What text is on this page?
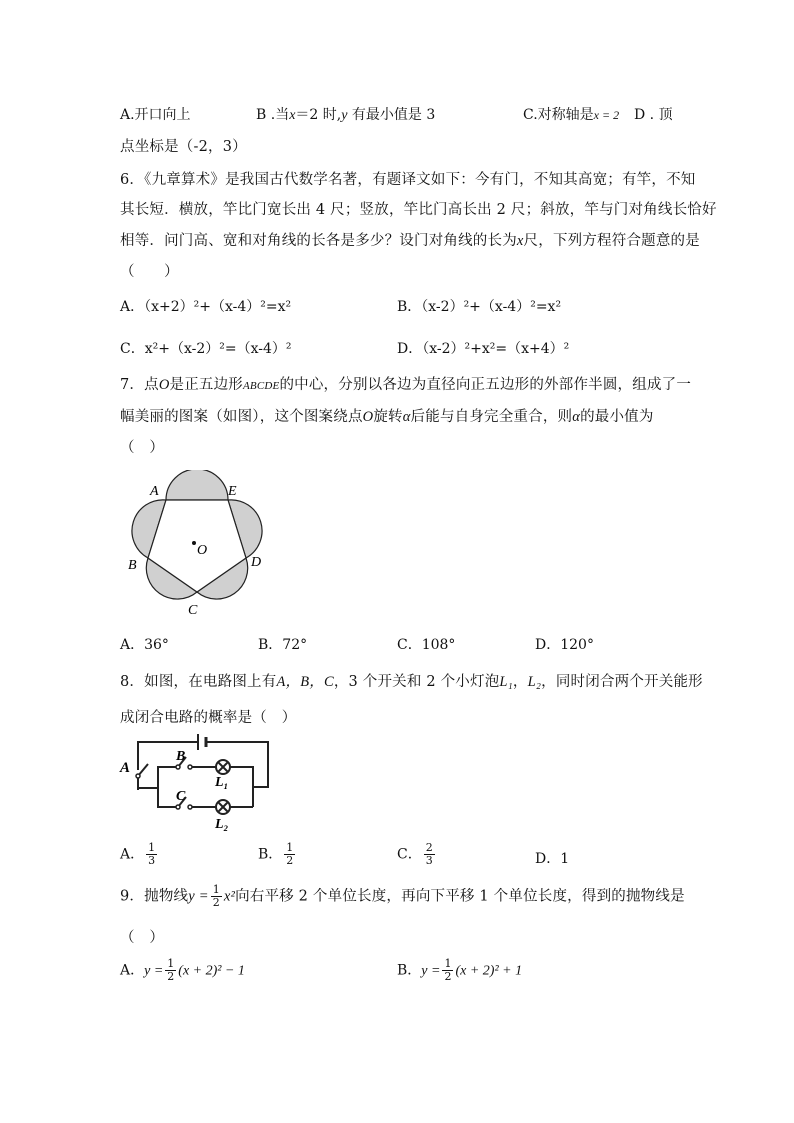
A.开口向上	B .当x＝2 时,y 有最小值是 3	C.对称轴是x = 2 D . 顶
点坐标是（-2，3）
6．《九章算术》是我国古代数学名著，有题译文如下：今有门，不知其高宽；有竿，不知
其长短．横放，竿比门宽长出 4 尺；竖放，竿比门高长出 2 尺；斜放，竿与门对角线长恰好
相等．问门高、宽和对角线的长各是多少？设门对角线的长为x尺，下列方程符合题意的是
（　　）
A．（x+2）²+（x-4）²=x²	B．（x-2）²+（x-4）²=x²
C．x²+（x-2）²=（x-4）²	D．（x-2）²+x²=（x+4）²
7．点O是正五边形ABCDE的中心，分别以各边为直径向正五边形的外部作半圆，组成了一
幅美丽的图案（如图），这个图案绕点O旋转α后能与自身完全重合，则α的最小值为
（　）
A	E
D
B
C
O
A．36°	B．72°	C．108°	D．120°
8．如图，在电路图上有A，B，C，3 个开关和 2 个小灯泡L₁，L₂，同时闭合两个开关能形
成闭合电路的概率是（　）
A
B
C
L₁
L₂
A． $\frac{1}{3}$	B． $\frac{1}{2}$	C． $\frac{2}{3}$	D．1
9．抛物线$y = \frac{1}{2} x^2$向右平移 2 个单位长度，再向下平移 1 个单位长度，得到的抛物线是
（　）
A．$y = \frac{1}{2} (x + 2)^2 - 1$	B．$y = \frac{1}{2} (x + 2)^2 + 1$
